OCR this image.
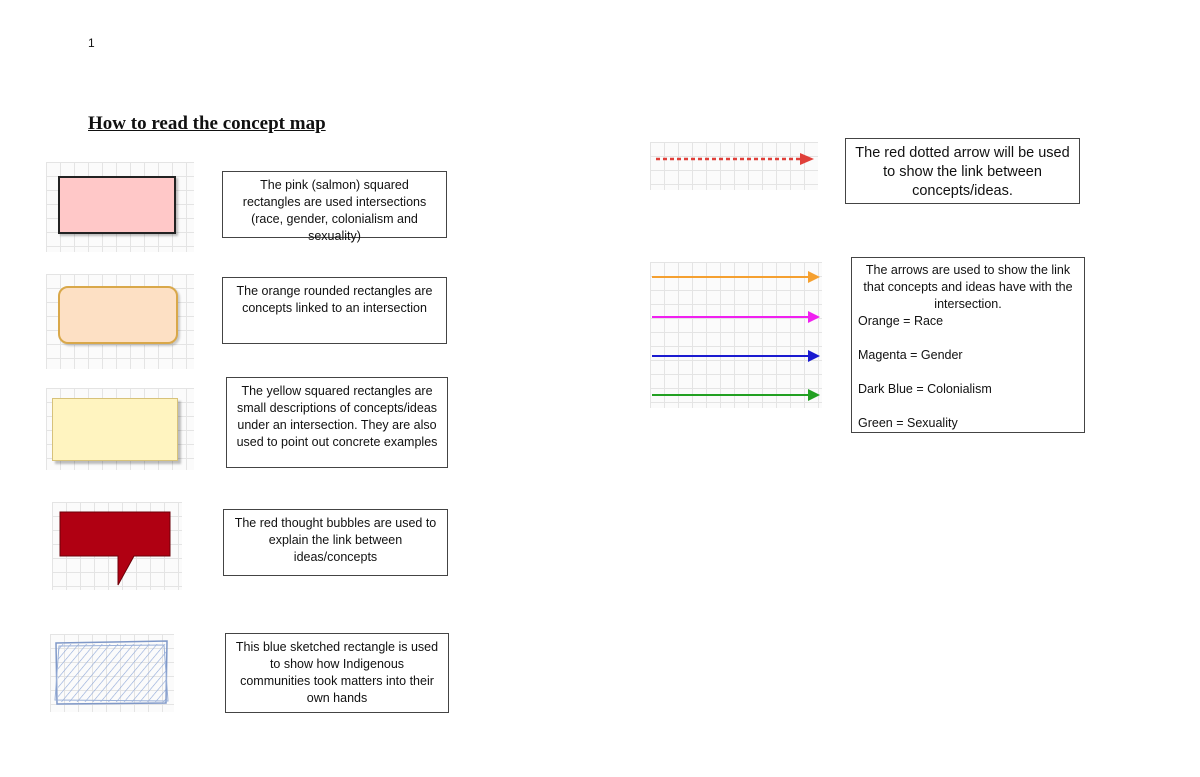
1
How to read the concept map
The pink (salmon) squared rectangles are used intersections (race, gender, colonialism and sexuality)
The orange rounded rectangles are concepts linked to an intersection
The yellow squared rectangles are small descriptions of concepts/ideas under an intersection. They are also used to point out concrete examples
The red thought bubbles are used to explain the link between ideas/concepts
This blue sketched rectangle is used to show how Indigenous communities took matters into their own hands
The red dotted arrow will be used to show the link between concepts/ideas.
The arrows are used to show the link that concepts and ideas have with the intersection.
Orange = Race
Magenta = Gender
Dark Blue = Colonialism
Green = Sexuality
